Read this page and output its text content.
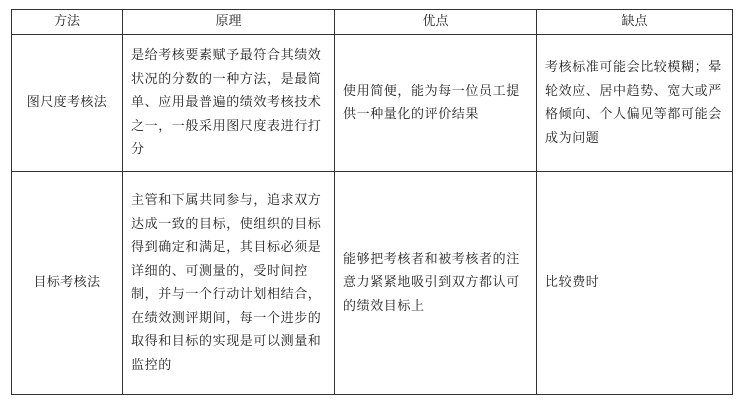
方法	原理	优点	缺点
图尺度考核法	是给考核要素赋予最符合其绩效状况的分数的一种方法，是最简单、应用最普遍的绩效考核技术之一，一般采用图尺度表进行打分	使用简便，能为每一位员工提供一种量化的评价结果	考核标准可能会比较模糊；晕轮效应、居中趋势、宽大或严格倾向、个人偏见等都可能会成为问题
目标考核法	主管和下属共同参与，追求双方达成一致的目标，使组织的目标得到确定和满足，其目标必须是详细的、可测量的，受时间控制，并与一个行动计划相结合，在绩效测评期间，每一个进步的取得和目标的实现是可以测量和监控的	能够把考核者和被考核者的注意力紧紧地吸引到双方都认可的绩效目标上	比较费时
